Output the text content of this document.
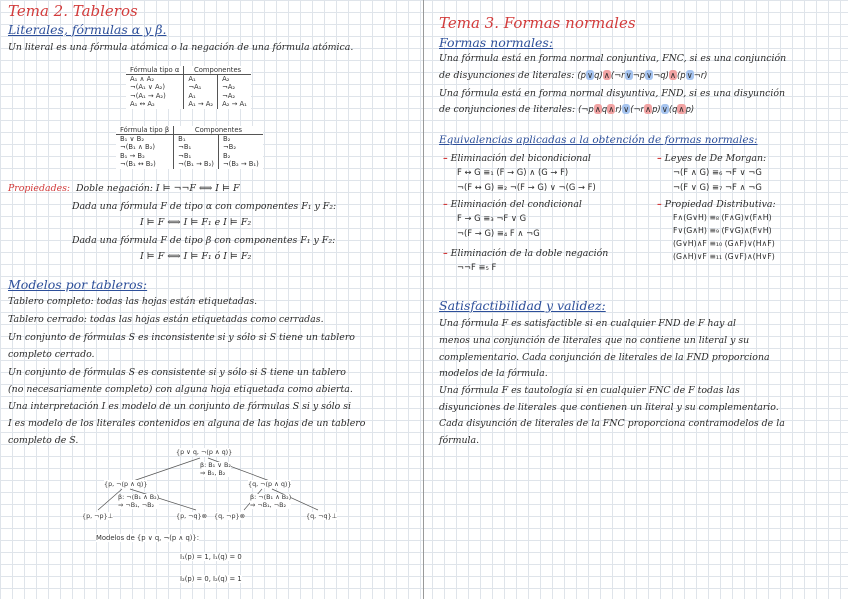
Tema 2. Tableros
Literales, fórmulas α y β.
Un literal es una fórmula atómica o la negación de una fórmula atómica.
Fórmula tipo α	Componentes	
A₁ ∧ A₂	A₁	A₂
¬(A₁ ∨ A₂)	¬A₁	¬A₂
¬(A₁ → A₂)	A₁	¬A₂
A₁ ↔ A₂	A₁ → A₂	A₂ → A₁
Fórmula tipo β	Componentes	
B₁ ∨ B₂	B₁	B₂
¬(B₁ ∧ B₂)	¬B₁	¬B₂
B₁ → B₂	¬B₁	B₂
¬(B₁ ↔ B₂)	¬(B₁ → B₂)	¬(B₂ → B₁)
Propiedades: Doble negación: I ⊨ ¬¬F ⟺ I ⊨ F
Dada una fórmula F de tipo α con componentes F₁ y F₂:
I ⊨ F ⟺ I ⊨ F₁ e I ⊨ F₂
Dada una fórmula F de tipo β con componentes F₁ y F₂:
I ⊨ F ⟺ I ⊨ F₁ ó I ⊨ F₂
Modelos por tableros:
Tablero completo: todas las hojas están etiquetadas.
Tablero cerrado: todas las hojas están etiquetadas como cerradas.
Un conjunto de fórmulas S es inconsistente si y sólo si S tiene un tablero
completo cerrado.
Un conjunto de fórmulas S es consistente si y sólo si S tiene un tablero
(no necesariamente completo) con alguna hoja etiquetada como abierta.
Una interpretación I es modelo de un conjunto de fórmulas S si y sólo si
I es modelo de los literales contenidos en alguna de las hojas de un tablero
completo de S.
{p ∨ q, ¬(p ∧ q)}
β: B₁ ∨ B₂
⇒ B₁, B₂
{p, ¬(p ∧ q)}	{q, ¬(p ∧ q)}
β: ¬(B₁ ∧ B₂)
⇒ ¬B₁, ¬B₂
β: ¬(B₁ ∧ B₂)
⇒ ¬B₁, ¬B₂
{p, ¬p}⊥	{p, ¬q}⊗ {q, ¬p}⊗	{q, ¬q}⊥
Modelos de {p ∨ q, ¬(p ∧ q)}:
I₁(p) = 1, I₁(q) = 0
I₂(p) = 0, I₂(q) = 1
Tema 3. Formas normales
Formas normales:
Una fórmula está en forma normal conjuntiva, FNC, si es una conjunción
de disyunciones de literales: (p∨q)∧(¬r∨¬p∨¬q)∧(p∨¬r)
Una fórmula está en forma normal disyuntiva, FND, si es una disyunción
de conjunciones de literales: (¬p∧q∧r)∨(¬r∧p)∨(q∧p)
Equivalencias aplicadas a la obtención de formas normales:
– Eliminación del bicondicional
F ↔ G ≡₁ (F → G) ∧ (G → F)
¬(F ↔ G) ≡₂ ¬(F → G) ∨ ¬(G → F)
– Eliminación del condicional
F → G ≡₃ ¬F ∨ G
¬(F → G) ≡₄ F ∧ ¬G
– Eliminación de la doble negación
¬¬F ≡₅ F
– Leyes de De Morgan:
¬(F ∧ G) ≡₆ ¬F ∨ ¬G
¬(F ∨ G) ≡₇ ¬F ∧ ¬G
– Propiedad Distributiva:
F∧(G∨H) ≡₈ (F∧G)∨(F∧H)
F∨(G∧H) ≡₉ (F∨G)∧(F∨H)
(G∨H)∧F ≡₁₀ (G∧F)∨(H∧F)
(G∧H)∨F ≡₁₁ (G∨F)∧(H∨F)
Satisfactibilidad y validez:
Una fórmula F es satisfactible si en cualquier FND de F hay al
menos una conjunción de literales que no contiene un literal y su
complementario. Cada conjunción de literales de la FND proporciona
modelos de la fórmula.
Una fórmula F es tautología si en cualquier FNC de F todas las
disyunciones de literales que contienen un literal y su complementario.
Cada disyunción de literales de la FNC proporciona contramodelos de la
fórmula.
